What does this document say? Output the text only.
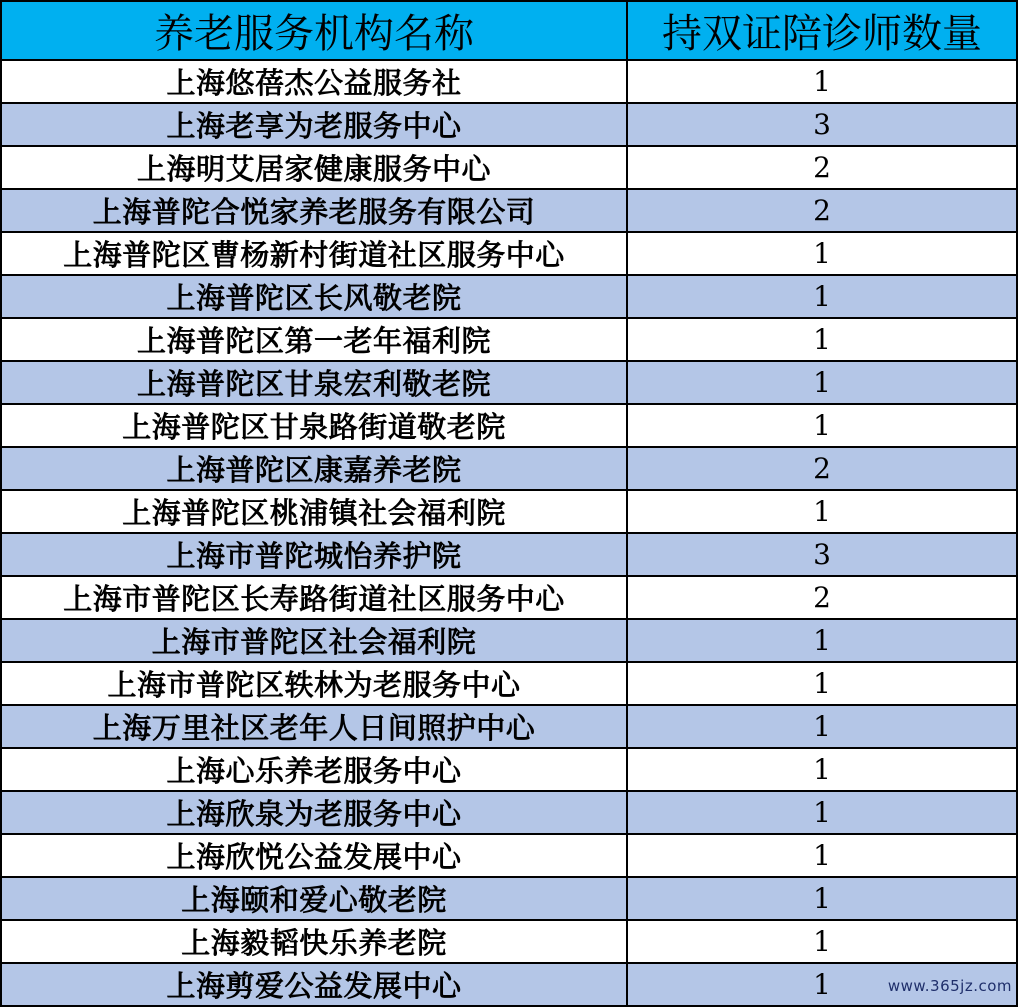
养老服务机构名称	持双证陪诊师数量
上海悠蓓杰公益服务社	1
上海老享为老服务中心	3
上海明艾居家健康服务中心	2
上海普陀合悦家养老服务有限公司	2
上海普陀区曹杨新村街道社区服务中心	1
上海普陀区长风敬老院	1
上海普陀区第一老年福利院	1
上海普陀区甘泉宏利敬老院	1
上海普陀区甘泉路街道敬老院	1
上海普陀区康嘉养老院	2
上海普陀区桃浦镇社会福利院	1
上海市普陀城怡养护院	3
上海市普陀区长寿路街道社区服务中心	2
上海市普陀区社会福利院	1
上海市普陀区轶林为老服务中心	1
上海万里社区老年人日间照护中心	1
上海心乐养老服务中心	1
上海欣泉为老服务中心	1
上海欣悦公益发展中心	1
上海颐和爱心敬老院	1
上海毅韬快乐养老院	1
上海剪爱公益发展中心	1	www.365jz.com
